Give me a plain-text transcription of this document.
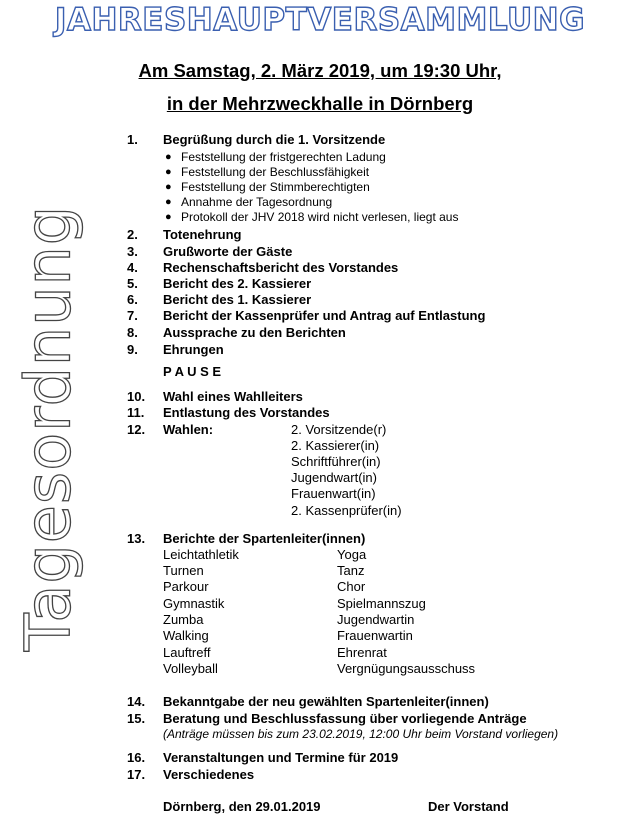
JAHRESHAUPTVERSAMMLUNG
Am Samstag, 2. März 2019, um 19:30 Uhr,
in der Mehrzweckhalle in Dörnberg
Tagesordnung
1. Begrüßung durch die 1. Vorsitzende
● Feststellung der fristgerechten Ladung
● Feststellung der Beschlussfähigkeit
● Feststellung der Stimmberechtigten
● Annahme der Tagesordnung
● Protokoll der JHV 2018 wird nicht verlesen, liegt aus
2. Totenehrung
3. Grußworte der Gäste
4. Rechenschaftsbericht des Vorstandes
5. Bericht des 2. Kassierer
6. Bericht des 1. Kassierer
7. Bericht der Kassenprüfer und Antrag auf Entlastung
8. Aussprache zu den Berichten
9. Ehrungen
P A U S E
10. Wahl eines Wahlleiters
11. Entlastung des Vorstandes
12. Wahlen:	2. Vorsitzende(r)
2. Kassierer(in)
Schriftführer(in)
Jugendwart(in)
Frauenwart(in)
2. Kassenprüfer(in)
13. Berichte der Spartenleiter(innen)
Leichtathletik
Turnen
Parkour
Gymnastik
Zumba
Walking
Lauftreff
Volleyball
Yoga
Tanz
Chor
Spielmannszug
Jugendwartin
Frauenwartin
Ehrenrat
Vergnügungsausschuss
14. Bekanntgabe der neu gewählten Spartenleiter(innen)
15. Beratung und Beschlussfassung über vorliegende Anträge
(Anträge müssen bis zum 23.02.2019, 12:00 Uhr beim Vorstand vorliegen)
16. Veranstaltungen und Termine für 2019
17. Verschiedenes
Dörnberg, den 29.01.2019	Der Vorstand
